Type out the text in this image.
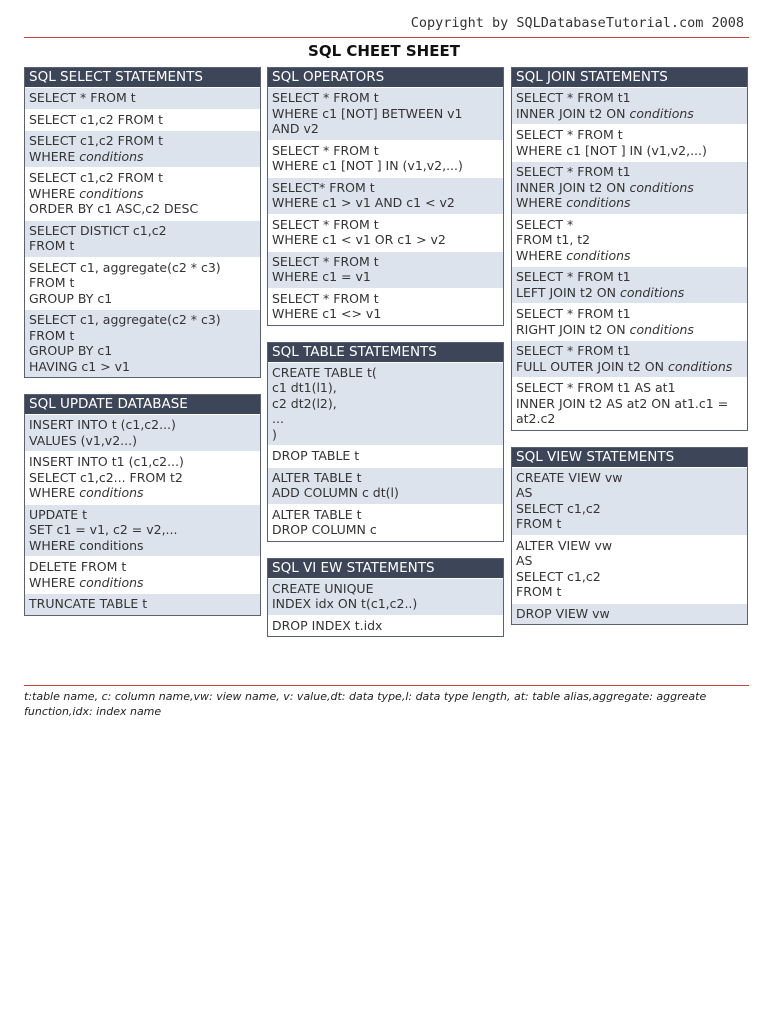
Copyright by SQLDatabaseTutorial.com 2008
SQL CHEET SHEET
SQL SELECT STATEMENTS
SELECT * FROM t
SELECT c1,c2 FROM t
SELECT c1,c2 FROM t
WHERE conditions
SELECT c1,c2 FROM t
WHERE conditions
ORDER BY c1 ASC,c2 DESC
SELECT DISTICT c1,c2
FROM t
SELECT c1, aggregate(c2 * c3)
FROM t
GROUP BY c1
SELECT c1, aggregate(c2 * c3)
FROM t
GROUP BY c1
HAVING c1 > v1
SQL UPDATE DATABASE
INSERT INTO t (c1,c2...)
VALUES (v1,v2...)
INSERT INTO t1 (c1,c2...)
SELECT c1,c2... FROM t2
WHERE conditions
UPDATE t
SET c1 = v1, c2 = v2,...
WHERE conditions
DELETE FROM t
WHERE conditions
TRUNCATE TABLE t
SQL OPERATORS
SELECT * FROM t
WHERE c1 [NOT] BETWEEN v1
AND v2
SELECT * FROM t
WHERE c1 [NOT ] IN (v1,v2,...)
SELECT* FROM t
WHERE c1 > v1 AND c1 < v2
SELECT * FROM t
WHERE c1 < v1 OR c1 > v2
SELECT * FROM t
WHERE c1 = v1
SELECT * FROM t
WHERE c1 <> v1
SQL TABLE STATEMENTS
CREATE TABLE t(
c1 dt1(l1),
c2 dt2(l2),
...
)
DROP TABLE t
ALTER TABLE t
ADD COLUMN c dt(l)
ALTER TABLE t
DROP COLUMN c
SQL VI EW STATEMENTS
CREATE UNIQUE
INDEX idx ON t(c1,c2..)
DROP INDEX t.idx
SQL JOIN STATEMENTS
SELECT * FROM t1
INNER JOIN t2 ON conditions
SELECT * FROM t
WHERE c1 [NOT ] IN (v1,v2,...)
SELECT * FROM t1
INNER JOIN t2 ON conditions
WHERE conditions
SELECT *
FROM t1, t2
WHERE conditions
SELECT * FROM t1
LEFT JOIN t2 ON conditions
SELECT * FROM t1
RIGHT JOIN t2 ON conditions
SELECT * FROM t1
FULL OUTER JOIN t2 ON conditions
SELECT * FROM t1 AS at1
INNER JOIN t2 AS at2 ON at1.c1 =
at2.c2
SQL VIEW STATEMENTS
CREATE VIEW vw
AS
SELECT c1,c2
FROM t
ALTER VIEW vw
AS
SELECT c1,c2
FROM t
DROP VIEW vw
t:table name, c: column name,vw: view name, v: value,dt: data type,l: data type length, at: table alias,aggregate: aggreate function,idx: index name
